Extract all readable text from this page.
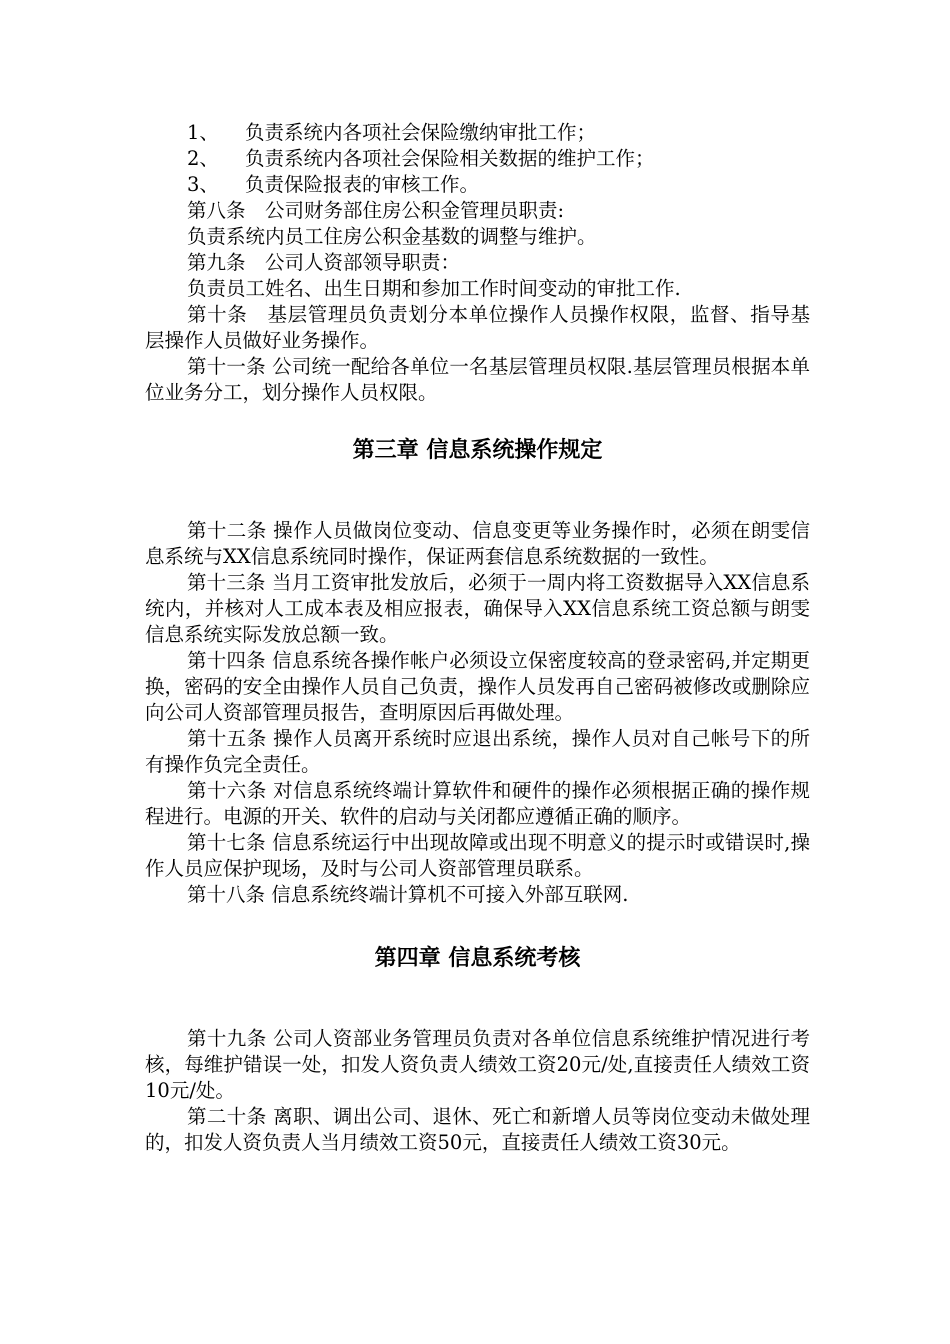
1、	负责系统内各项社会保险缴纳审批工作；

2、	负责系统内各项社会保险相关数据的维护工作；

3、	负责保险报表的审核工作。

第八条　公司财务部住房公积金管理员职责:

负责系统内员工住房公积金基数的调整与维护。

第九条　公司人资部领导职责：

负责员工姓名、出生日期和参加工作时间变动的审批工作.

第十条　基层管理员负责划分本单位操作人员操作权限，监督、指导基层操作人员做好业务操作。

第十一条 公司统一配给各单位一名基层管理员权限.基层管理员根据本单位业务分工，划分操作人员权限。

第三章 信息系统操作规定

第十二条 操作人员做岗位变动、信息变更等业务操作时，必须在朗雯信息系统与XX信息系统同时操作，保证两套信息系统数据的一致性。

第十三条 当月工资审批发放后，必须于一周内将工资数据导入XX信息系统内，并核对人工成本表及相应报表，确保导入XX信息系统工资总额与朗雯信息系统实际发放总额一致。

第十四条 信息系统各操作帐户必须设立保密度较高的登录密码,并定期更换，密码的安全由操作人员自己负责，操作人员发再自己密码被修改或删除应向公司人资部管理员报告，查明原因后再做处理。

第十五条 操作人员离开系统时应退出系统，操作人员对自己帐号下的所有操作负完全责任。

第十六条 对信息系统终端计算软件和硬件的操作必须根据正确的操作规程进行。电源的开关、软件的启动与关闭都应遵循正确的顺序。

第十七条 信息系统运行中出现故障或出现不明意义的提示时或错误时,操作人员应保护现场，及时与公司人资部管理员联系。

第十八条 信息系统终端计算机不可接入外部互联网.

第四章 信息系统考核

第十九条 公司人资部业务管理员负责对各单位信息系统维护情况进行考核，每维护错误一处，扣发人资负责人绩效工资20元/处,直接责任人绩效工资10元/处。

第二十条 离职、调出公司、退休、死亡和新增人员等岗位变动未做处理的，扣发人资负责人当月绩效工资50元，直接责任人绩效工资30元。
